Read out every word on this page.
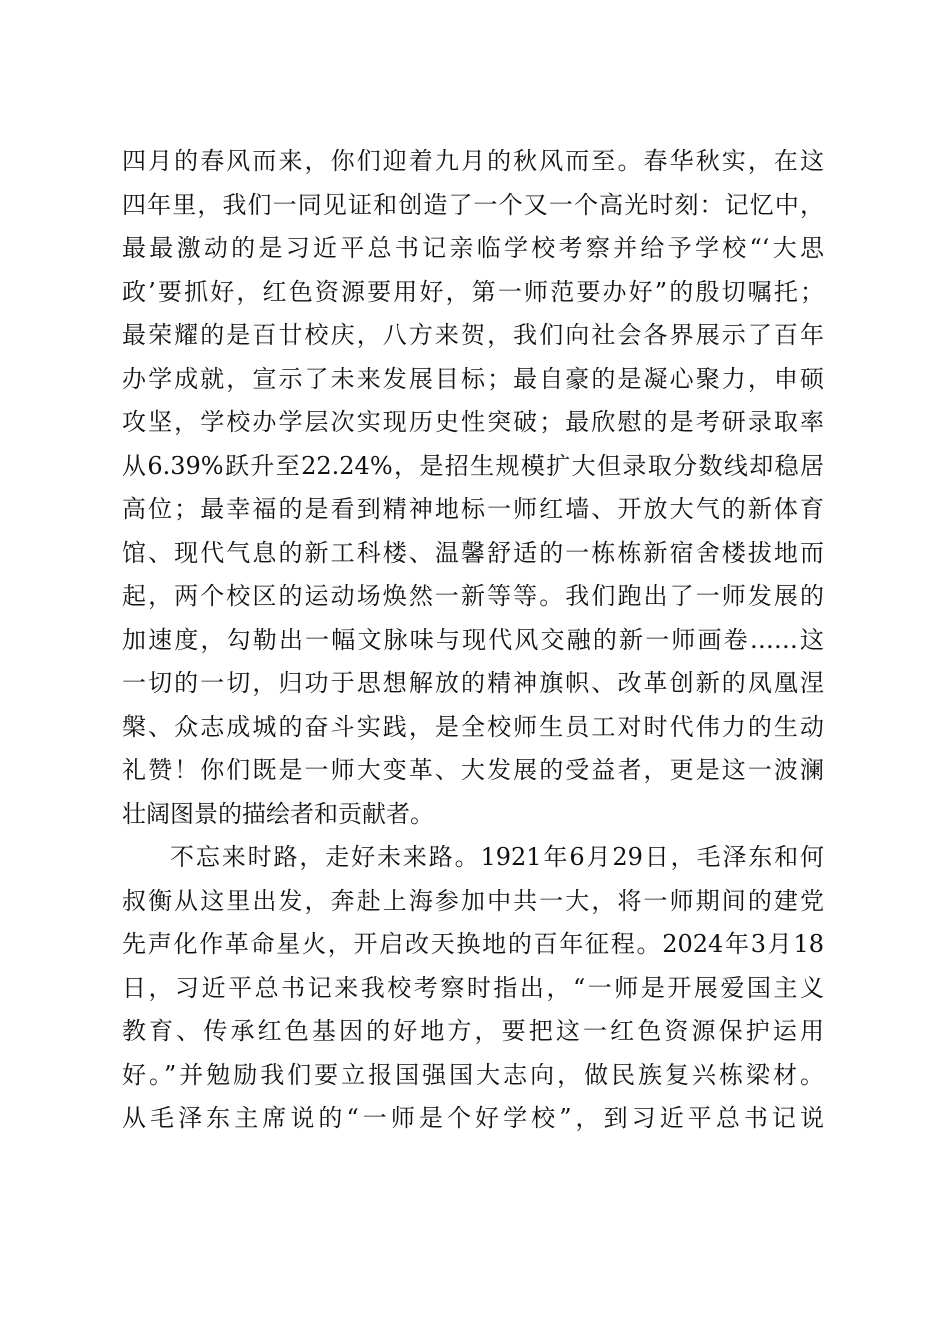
四月的春风而来，你们迎着九月的秋风而至。春华秋实，在这
四年里，我们一同见证和创造了一个又一个高光时刻：记忆中，
最最激动的是习近平总书记亲临学校考察并给予学校“‘大思
政’要抓好，红色资源要用好，第一师范要办好”的殷切嘱托；
最荣耀的是百廿校庆，八方来贺，我们向社会各界展示了百年
办学成就，宣示了未来发展目标；最自豪的是凝心聚力，申硕
攻坚，学校办学层次实现历史性突破；最欣慰的是考研录取率
从6.39%跃升至22.24%，是招生规模扩大但录取分数线却稳居
高位；最幸福的是看到精神地标一师红墙、开放大气的新体育
馆、现代气息的新工科楼、温馨舒适的一栋栋新宿舍楼拔地而
起，两个校区的运动场焕然一新等等。我们跑出了一师发展的
加速度，勾勒出一幅文脉味与现代风交融的新一师画卷……这
一切的一切，归功于思想解放的精神旗帜、改革创新的凤凰涅
槃、众志成城的奋斗实践，是全校师生员工对时代伟力的生动
礼赞！你们既是一师大变革、大发展的受益者，更是这一波澜
壮阔图景的描绘者和贡献者。
不忘来时路，走好未来路。1921年6月29日，毛泽东和何
叔衡从这里出发，奔赴上海参加中共一大，将一师期间的建党
先声化作革命星火，开启改天换地的百年征程。2024年3月18
日，习近平总书记来我校考察时指出，“一师是开展爱国主义
教育、传承红色基因的好地方，要把这一红色资源保护运用
好。”并勉励我们要立报国强国大志向，做民族复兴栋梁材。
从毛泽东主席说的“一师是个好学校”，到习近平总书记说
